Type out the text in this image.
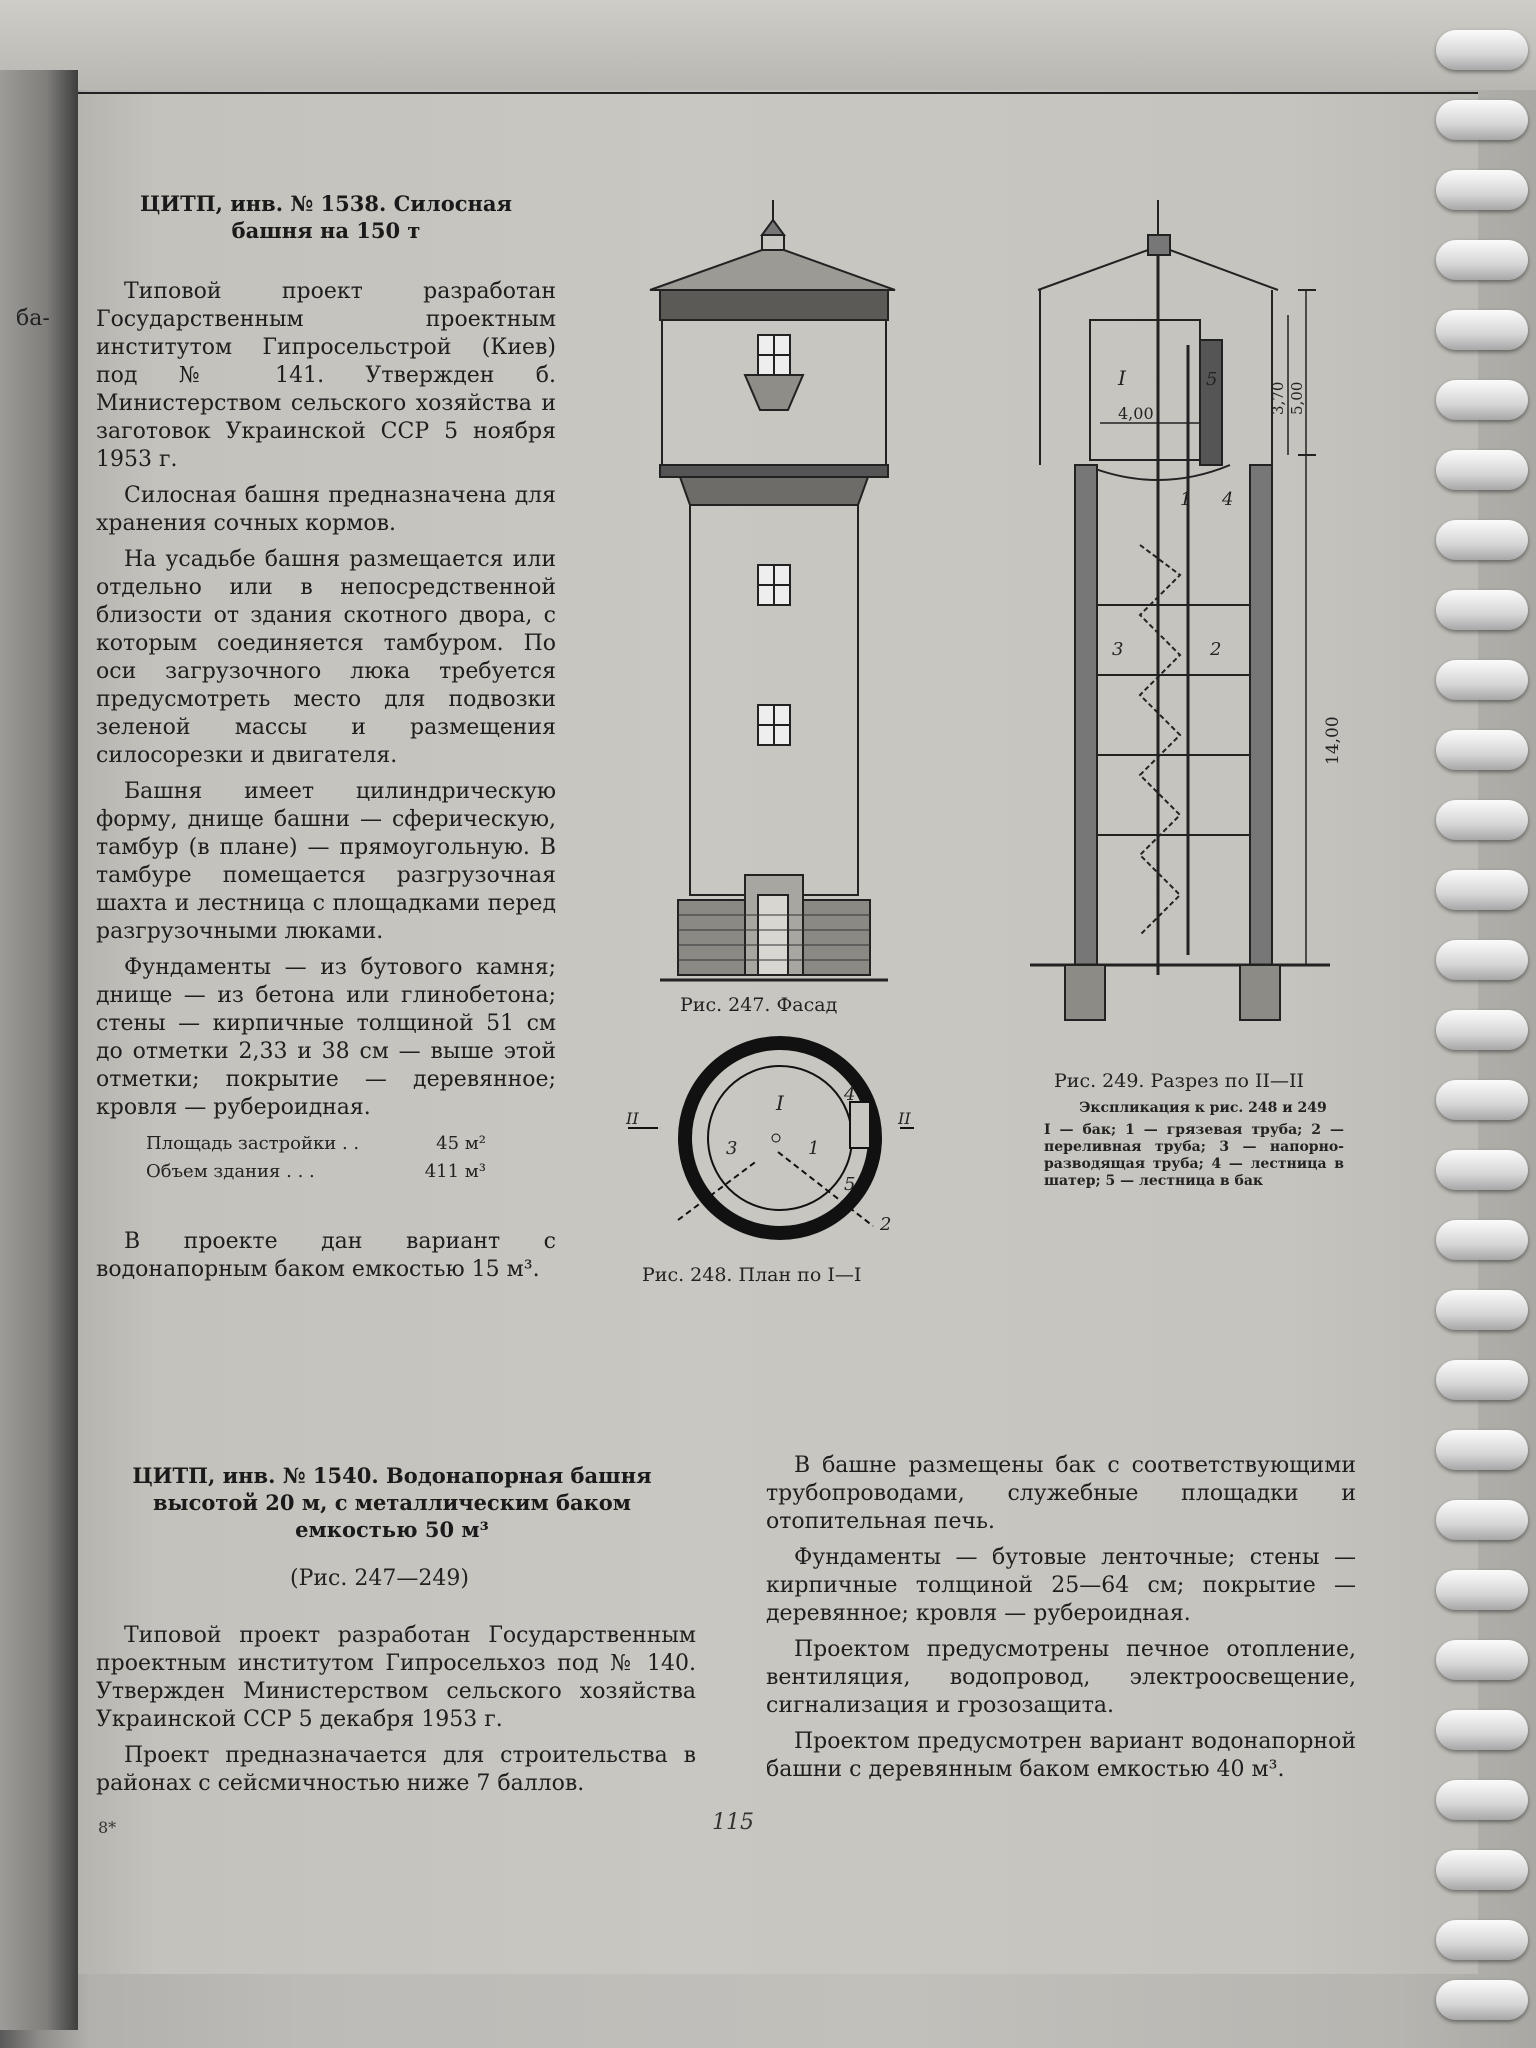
ба-
ЦИТП, инв. № 1538. Силосная
башня на 150 т

Типовой проект разработан Государственным проектным институтом Гипросельстрой (Киев) под № 141. Утвержден б. Министерством сельского хозяйства и заготовок Украинской ССР 5 ноября 1953 г.

Силосная башня предназначена для хранения сочных кормов.

На усадьбе башня размещается или отдельно или в непосредственной близости от здания скотного двора, с которым соединяется тамбуром. По оси загрузочного люка требуется предусмотреть место для подвозки зеленой массы и размещения силосорезки и двигателя.

Башня имеет цилиндрическую форму, днище башни — сферическую, тамбур (в плане) — прямоугольную. В тамбуре помещается разгрузочная шахта и лестница с площадками перед разгрузочными люками.

Фундаменты — из бутового камня; днище — из бетона или глинобетона; стены — кирпичные толщиной 51 см до отметки 2,33 и 38 см — выше этой отметки; покрытие — деревянное; кровля — рубероидная.

Площадь застройки . .	45 м²
Объем здания . . .	411 м³

В проекте дан вариант с водонапорным баком емкостью 15 м³.

Рис. 247. Фасад
I
3	1
4
5
2
II	II
Рис. 248. План по I—I
I	5
1 4
3	2
4,00	3,70 5,00
14,00
Рис. 249. Разрез по II—II
Экспликация к рис. 248 и 249
I — бак; 1 — грязевая труба; 2 — переливная труба; 3 — напорно-разводящая труба; 4 — лестница в шатер; 5 — лестница в бак
ЦИТП, инв. № 1540. Водонапорная башня
высотой 20 м, с металлическим баком
емкостью 50 м³
(Рис. 247—249)

Типовой проект разработан Государственным проектным институтом Гипросельхоз под № 140. Утвержден Министерством сельского хозяйства Украинской ССР 5 декабря 1953 г.

Проект предназначается для строительства в районах с сейсмичностью ниже 7 баллов.

В башне размещены бак с соответствующими трубопроводами, служебные площадки и отопительная печь.

Фундаменты — бутовые ленточные; стены — кирпичные толщиной 25—64 см; покрытие — деревянное; кровля — рубероидная.

Проектом предусмотрены печное отопление, вентиляция, водопровод, электроосвещение, сигнализация и грозозащита.

Проектом предусмотрен вариант водонапорной башни с деревянным баком емкостью 40 м³.

115
8*
